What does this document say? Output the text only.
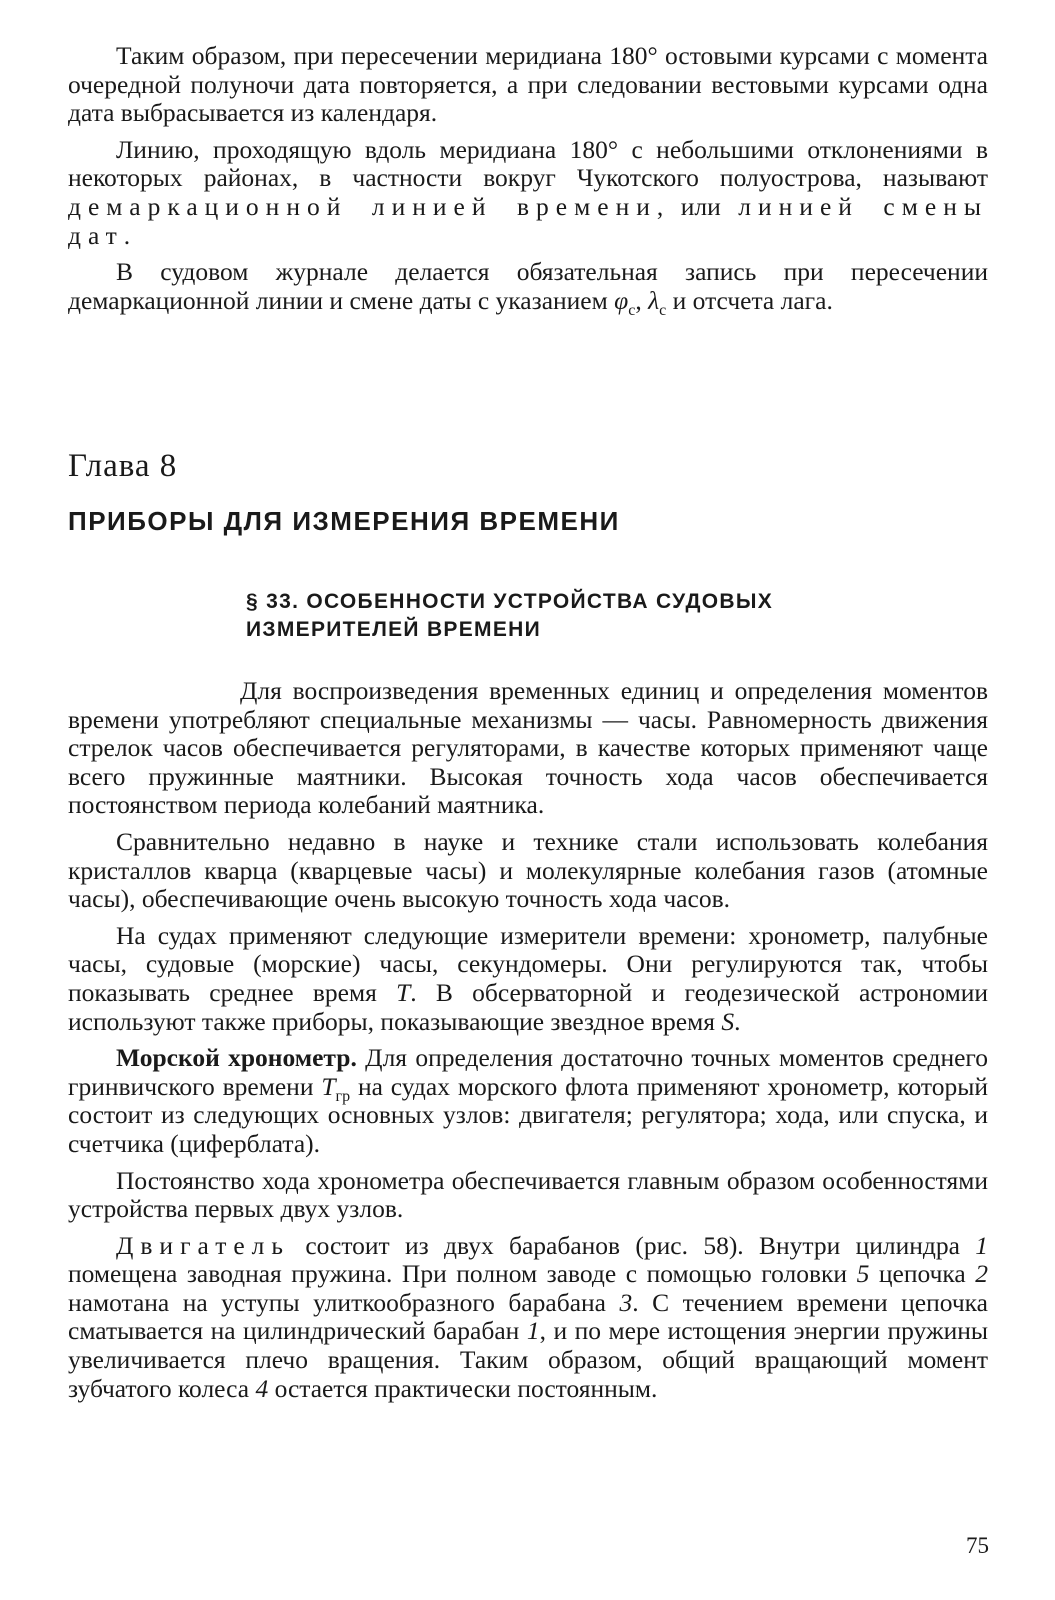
Таким образом, при пересечении меридиана 180° остовыми курсами с момента очередной полуночи дата повторяется, а при следовании вестовыми курсами одна дата выбрасывается из календаря.

Линию, проходящую вдоль меридиана 180° с небольшими отклонениями в некоторых районах, в частности вокруг Чукотского полуострова, называют демаркационной линией времени, или линией смены дат.

В судовом журнале делается обязательная запись при пересечении демаркационной линии и смене даты с указанием $\varphi_с$, $\lambda_с$ и отсчета лага.

Глава 8
ПРИБОРЫ ДЛЯ ИЗМЕРЕНИЯ ВРЕМЕНИ
§ 33. ОСОБЕННОСТИ УСТРОЙСТВА СУДОВЫХ
ИЗМЕРИТЕЛЕЙ ВРЕМЕНИ

Для воспроизведения временных единиц и определения моментов времени употребляют специальные механизмы — часы. Равномерность движения стрелок часов обеспечивается регуляторами, в качестве которых применяют чаще всего пружинные маятники. Высокая точность хода часов обеспечивается постоянством периода колебаний маятника.

Сравнительно недавно в науке и технике стали использовать колебания кристаллов кварца (кварцевые часы) и молекулярные колебания газов (атомные часы), обеспечивающие очень высокую точность хода часов.

На судах применяют следующие измерители времени: хронометр, палубные часы, судовые (морские) часы, секундомеры. Они регулируются так, чтобы показывать среднее время T. В обсерваторной и геодезической астрономии используют также приборы, показывающие звездное время S.

Морской хронометр. Для определения достаточно точных моментов среднего гринвичского времени $T_{гр}$ на судах морского флота применяют хронометр, который состоит из следующих основных узлов: двигателя; регулятора; хода, или спуска, и счетчика (циферблата).

Постоянство хода хронометра обеспечивается главным образом особенностями устройства первых двух узлов.

Двигатель состоит из двух барабанов (рис. 58). Внутри цилиндра 1 помещена заводная пружина. При полном заводе с помощью головки 5 цепочка 2 намотана на уступы улиткообразного барабана 3. С течением времени цепочка сматывается на цилиндрический барабан 1, и по мере истощения энергии пружины увеличивается плечо вращения. Таким образом, общий вращающий момент зубчатого колеса 4 остается практически постоянным.

75
